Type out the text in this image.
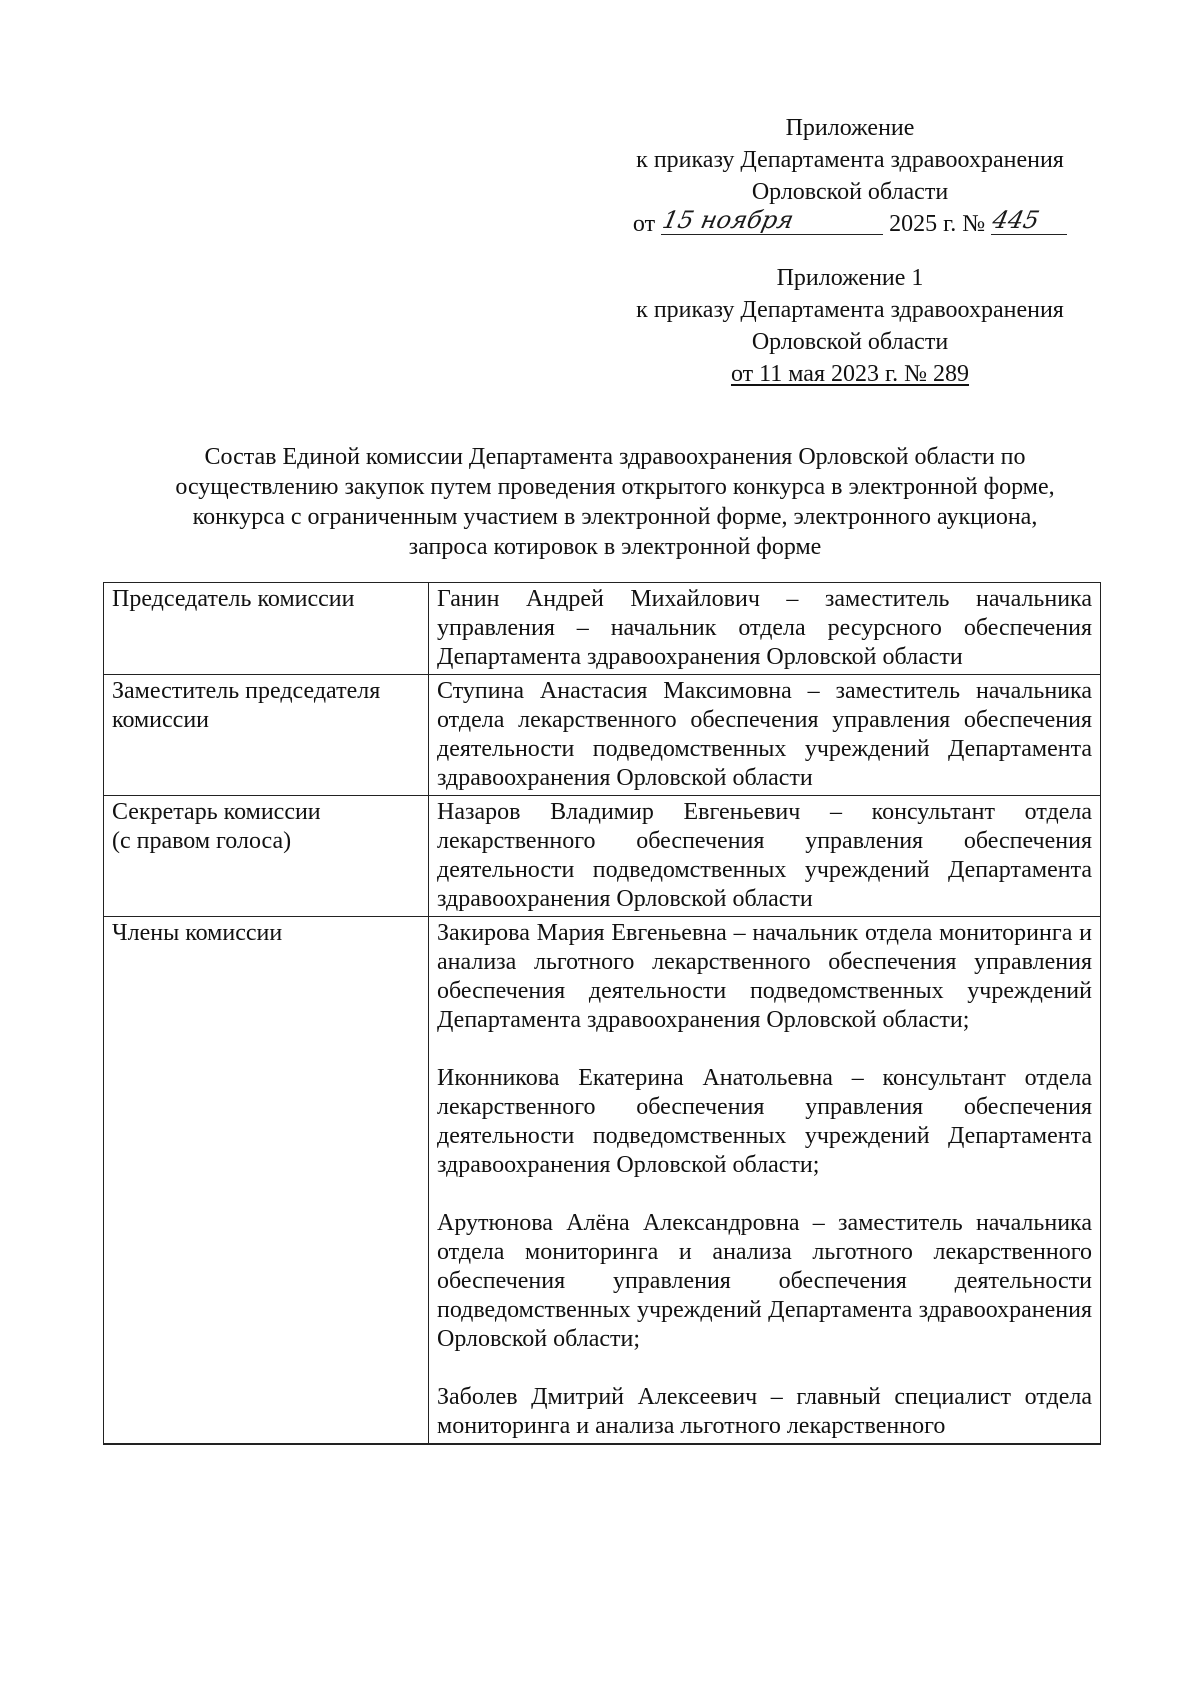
Приложение
к приказу Департамента здравоохранения
Орловской области
от 15 ноября	2025 г. № 445
Приложение 1
к приказу Департамента здравоохранения
Орловской области
от 11 мая 2023 г. № 289
Состав Единой комиссии Департамента здравоохранения Орловской области по
осуществлению закупок путем проведения открытого конкурса в электронной форме,
конкурса с ограниченным участием в электронной форме, электронного аукциона,
запроса котировок в электронной форме
Председатель комиссии	Ганин Андрей Михайлович – заместитель начальника управления – начальник отдела ресурсного обеспечения Департамента здравоохранения Орловской области

Заместитель председателя
комиссии	Ступина Анастасия Максимовна – заместитель начальника отдела лекарственного обеспечения управления обеспечения деятельности подведомственных учреждений Департамента здравоохранения Орловской области

Секретарь комиссии
(с правом голоса)	Назаров Владимир Евгеньевич – консультант отдела лекарственного обеспечения управления обеспечения деятельности подведомственных учреждений Департамента здравоохранения Орловской области

Члены комиссии	Закирова Мария Евгеньевна – начальник отдела мониторинга и анализа льготного лекарственного обеспечения управления обеспечения деятельности подведомственных учреждений Департамента здравоохранения Орловской области;

Иконникова Екатерина Анатольевна – консультант отдела лекарственного обеспечения управления обеспечения деятельности подведомственных учреждений Департамента здравоохранения Орловской области;

Арутюнова Алёна Александровна – заместитель начальника отдела мониторинга и анализа льготного лекарственного обеспечения управления обеспечения деятельности подведомственных учреждений Департамента здравоохранения Орловской области;

Заболев Дмитрий Алексеевич – главный специалист отдела мониторинга и анализа льготного лекарственного
